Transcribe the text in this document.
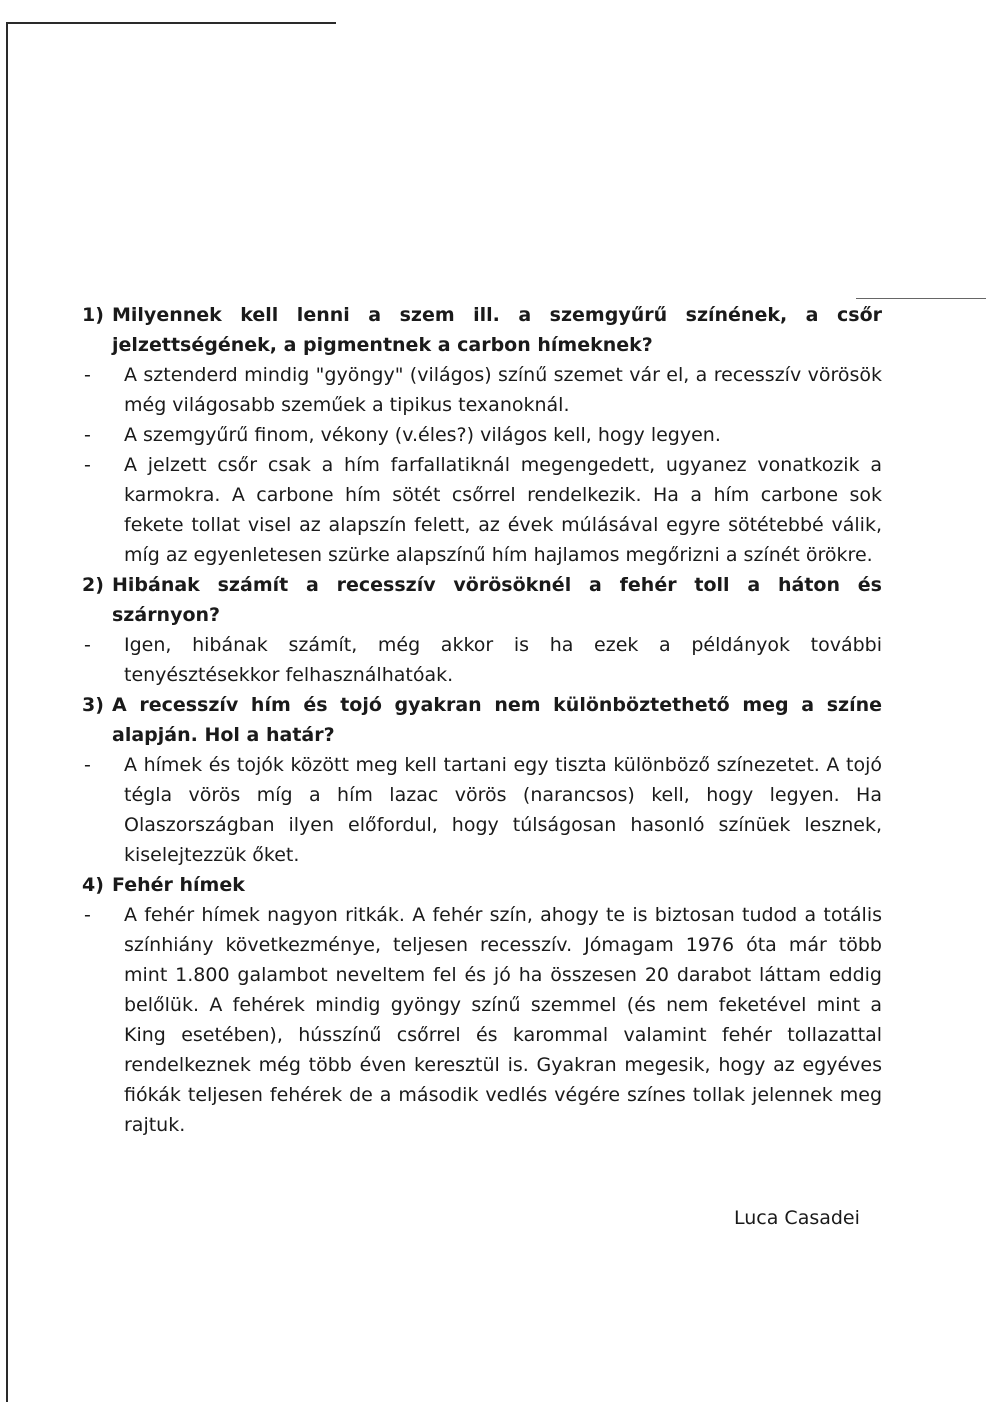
1) Milyennek kell lenni a szem ill. a szemgyűrű színének, a csőr jelzettségének, a pigmentnek a carbon hímeknek?
-	A sztenderd mindig "gyöngy" (világos) színű szemet vár el, a recesszív vörösök még világosabb szeműek a tipikus texanoknál.
-	A szemgyűrű finom, vékony (v.éles?) világos kell, hogy legyen.
-	A jelzett csőr csak a hím farfallatiknál megengedett, ugyanez vonatkozik a karmokra. A carbone hím sötét csőrrel rendelkezik. Ha a hím carbone sok fekete tollat visel az alapszín felett, az évek múlásával egyre sötétebbé válik, míg az egyenletesen szürke alapszínű hím hajlamos megőrizni a színét örökre.
2) Hibának számít a recesszív vörösöknél a fehér toll a háton és szárnyon?
-	Igen, hibának számít, még akkor is ha ezek a példányok további tenyésztésekkor felhasználhatóak.
3) A recesszív hím és tojó gyakran nem különböztethető meg a színe alapján. Hol a határ?
-	A hímek és tojók között meg kell tartani egy tiszta különböző színezetet. A tojó tégla vörös míg a hím lazac vörös (narancsos) kell, hogy legyen. Ha Olaszországban ilyen előfordul, hogy túlságosan hasonló színüek lesznek, kiselejtezzük őket.
4) Fehér hímek
-	A fehér hímek nagyon ritkák. A fehér szín, ahogy te is biztosan tudod a totális színhiány következménye, teljesen recesszív. Jómagam 1976 óta már több mint 1.800 galambot neveltem fel és jó ha összesen 20 darabot láttam eddig belőlük. A fehérek mindig gyöngy színű szemmel (és nem feketével mint a King esetében), hússzínű csőrrel és karommal valamint fehér tollazattal rendelkeznek még több éven keresztül is. Gyakran megesik, hogy az egyéves fiókák teljesen fehérek de a második vedlés végére színes tollak jelennek meg rajtuk.
Luca Casadei
